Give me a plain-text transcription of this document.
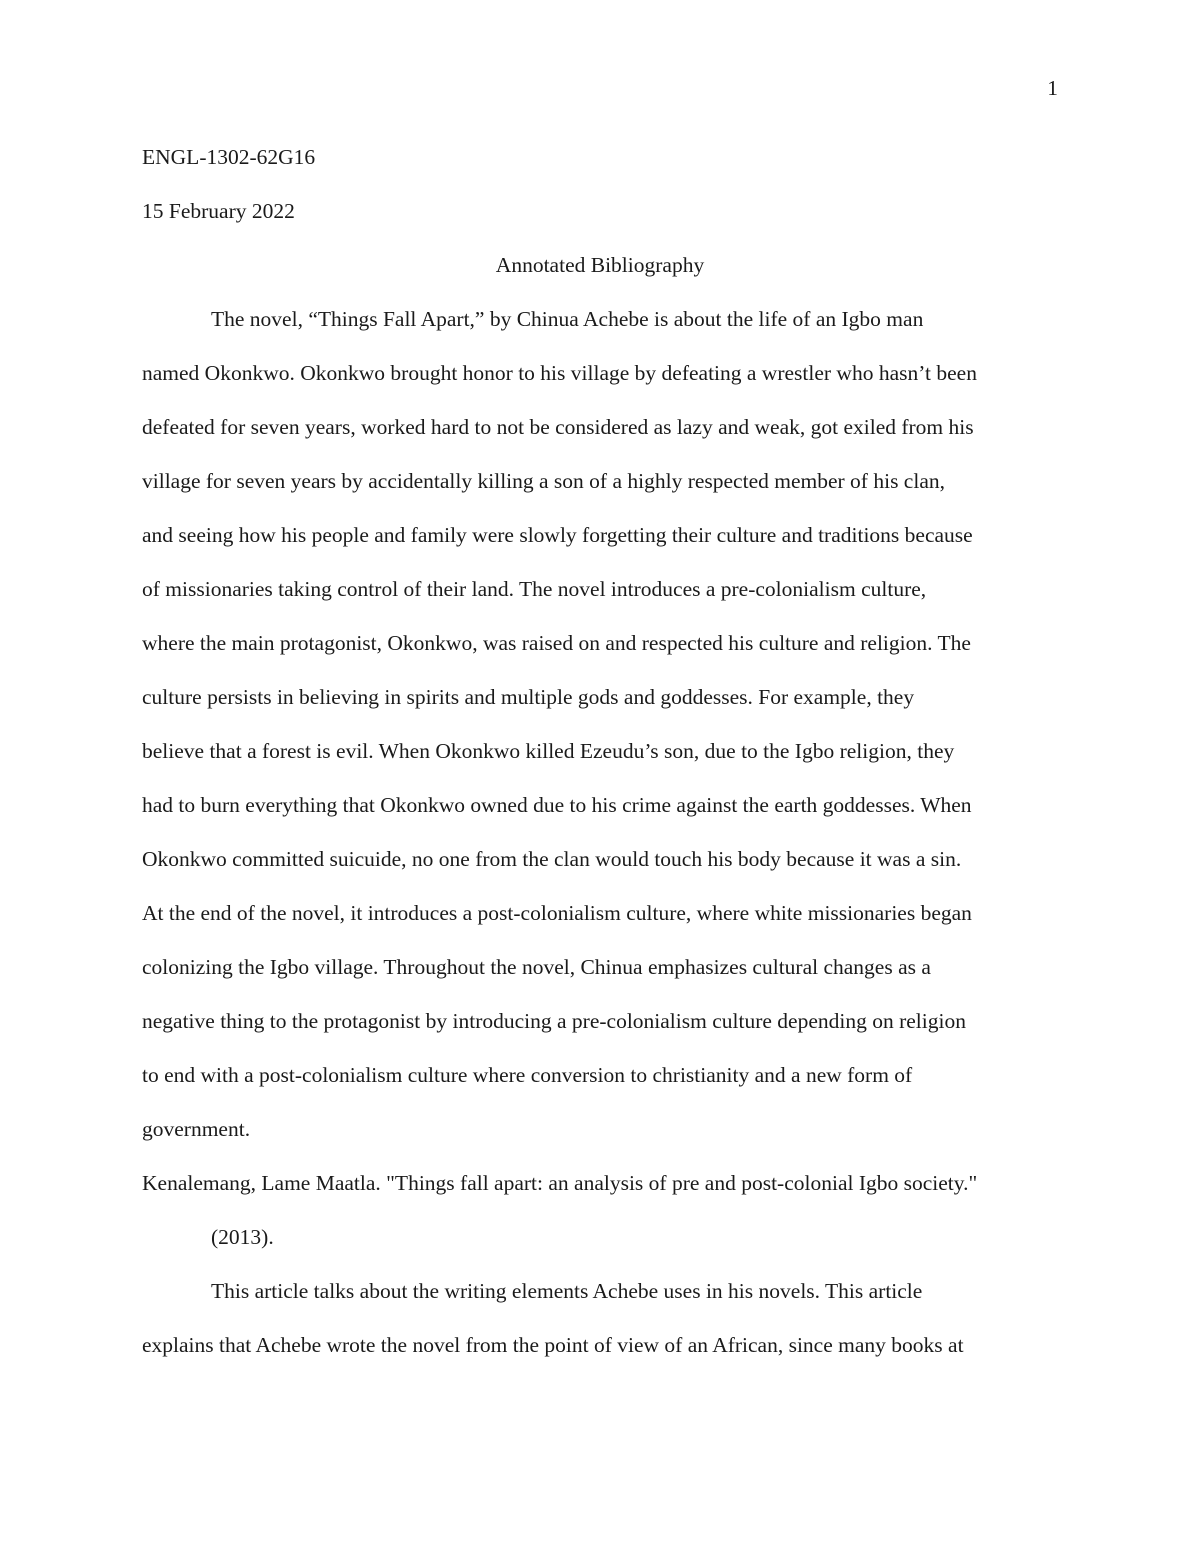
1
ENGL-1302-62G16
15 February 2022
Annotated Bibliography
The novel, “Things Fall Apart,” by Chinua Achebe is about the life of an Igbo man
named Okonkwo. Okonkwo brought honor to his village by defeating a wrestler who hasn’t been
defeated for seven years, worked hard to not be considered as lazy and weak, got exiled from his
village for seven years by accidentally killing a son of a highly respected member of his clan,
and seeing how his people and family were slowly forgetting their culture and traditions because
of missionaries taking control of their land. The novel introduces a pre-colonialism culture,
where the main protagonist, Okonkwo, was raised on and respected his culture and religion. The
culture persists in believing in spirits and multiple gods and goddesses. For example, they
believe that a forest is evil. When Okonkwo killed Ezeudu’s son, due to the Igbo religion, they
had to burn everything that Okonkwo owned due to his crime against the earth goddesses. When
Okonkwo committed suicuide, no one from the clan would touch his body because it was a sin.
At the end of the novel, it introduces a post-colonialism culture, where white missionaries began
colonizing the Igbo village. Throughout the novel, Chinua emphasizes cultural changes as a
negative thing to the protagonist by introducing a pre-colonialism culture depending on religion
to end with a post-colonialism culture where conversion to christianity and a new form of
government.
Kenalemang, Lame Maatla. "Things fall apart: an analysis of pre and post-colonial Igbo society."
(2013).
This article talks about the writing elements Achebe uses in his novels. This article
explains that Achebe wrote the novel from the point of view of an African, since many books at
